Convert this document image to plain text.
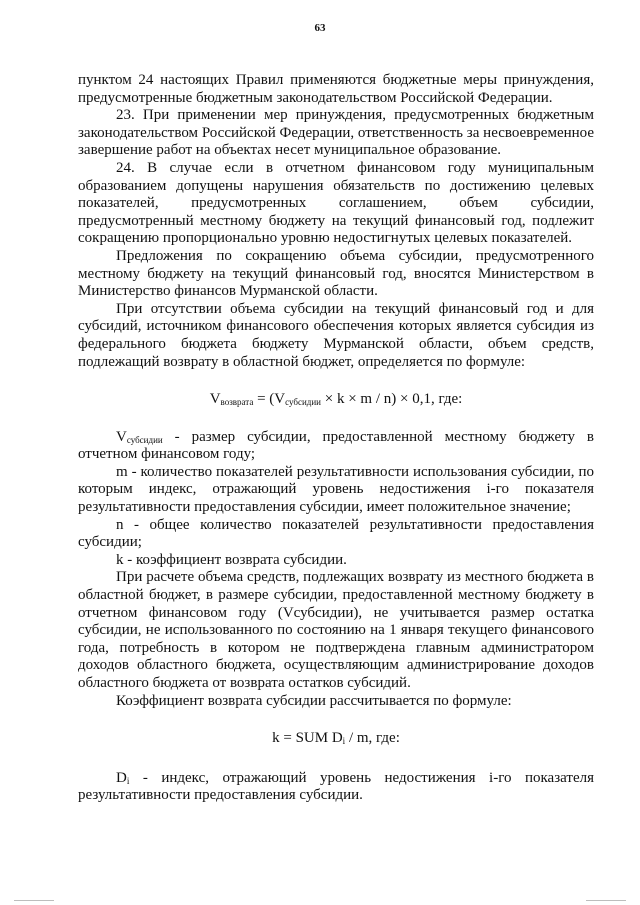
63

пунктом 24 настоящих Правил применяются бюджетные меры принуждения, предусмотренные бюджетным законодательством Российской Федерации.

23. При применении мер принуждения, предусмотренных бюджетным законодательством Российской Федерации, ответственность за несвоевременное завершение работ на объектах несет муниципальное образование.

24. В случае если в отчетном финансовом году муниципальным образованием допущены нарушения обязательств по достижению целевых показателей, предусмотренных соглашением, объем субсидии, предусмотренный местному бюджету на текущий финансовый год, подлежит сокращению пропорционально уровню недостигнутых целевых показателей.

Предложения по сокращению объема субсидии, предусмотренного местному бюджету на текущий финансовый год, вносятся Министерством в Министерство финансов Мурманской области.

При отсутствии объема субсидии на текущий финансовый год и для субсидий, источником финансового обеспечения которых является субсидия из федерального бюджета бюджету Мурманской области, объем средств, подлежащий возврату в областной бюджет, определяется по формуле:

$V_{возврата} = (V_{субсидии} \times k \times m / n) \times 0,1$, где:

$V_{субсидии}$ - размер субсидии, предоставленной местному бюджету в отчетном финансовом году;

m - количество показателей результативности использования субсидии, по которым индекс, отражающий уровень недостижения i-го показателя результативности предоставления субсидии, имеет положительное значение;

n - общее количество показателей результативности предоставления субсидии;

k - коэффициент возврата субсидии.

При расчете объема средств, подлежащих возврату из местного бюджета в областной бюджет, в размере субсидии, предоставленной местному бюджету в отчетном финансовом году (Vсубсидии), не учитывается размер остатка субсидии, не использованного по состоянию на 1 января текущего финансового года, потребность в котором не подтверждена главным администратором доходов областного бюджета, осуществляющим администрирование доходов областного бюджета от возврата остатков субсидий.

Коэффициент возврата субсидии рассчитывается по формуле:

k = SUM $D_i$ / m, где:

$D_i$ - индекс, отражающий уровень недостижения i-го показателя результативности предоставления субсидии.
